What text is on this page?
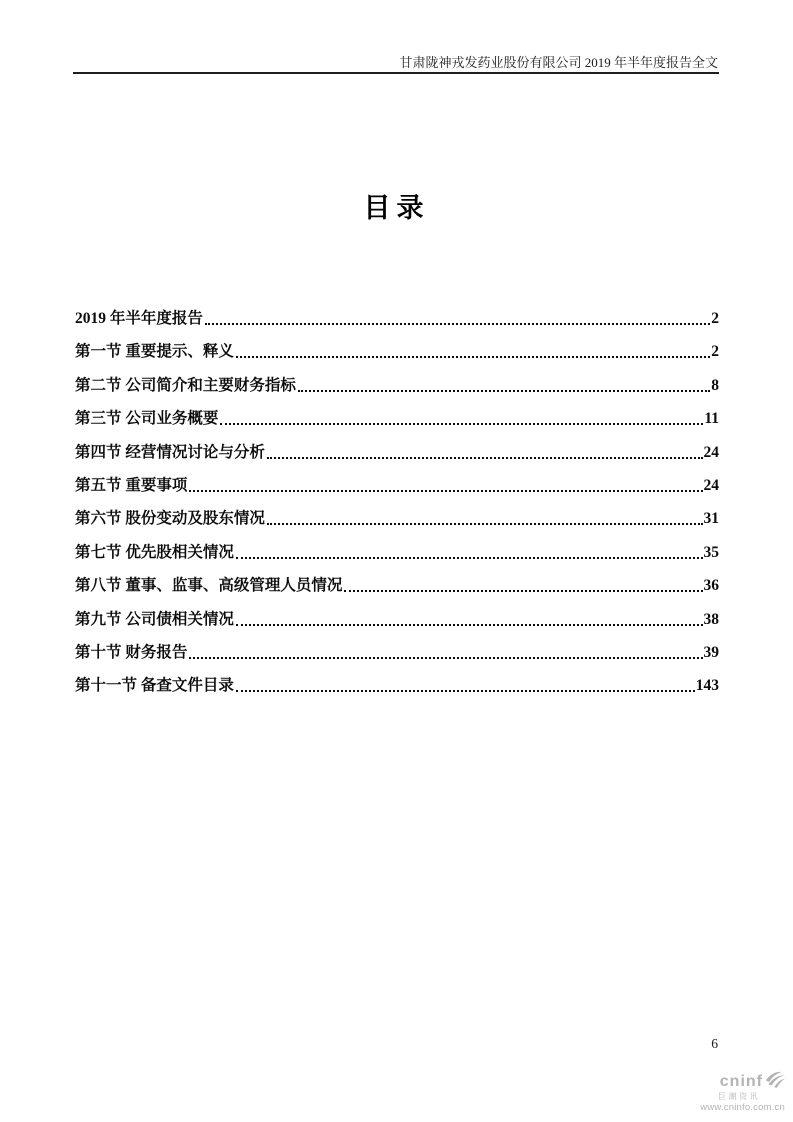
甘肃陇神戎发药业股份有限公司 2019 年半年度报告全文
目录
2019 年半年度报告	2
第一节 重要提示、释义	2
第二节 公司简介和主要财务指标	8
第三节 公司业务概要	11
第四节 经营情况讨论与分析	24
第五节 重要事项	24
第六节 股份变动及股东情况	31
第七节 优先股相关情况	35
第八节 董事、监事、高级管理人员情况	36
第九节 公司债相关情况	38
第十节 财务报告	39
第十一节 备查文件目录	143
6
cninf
巨潮资讯
www.cninfo.com.cn
